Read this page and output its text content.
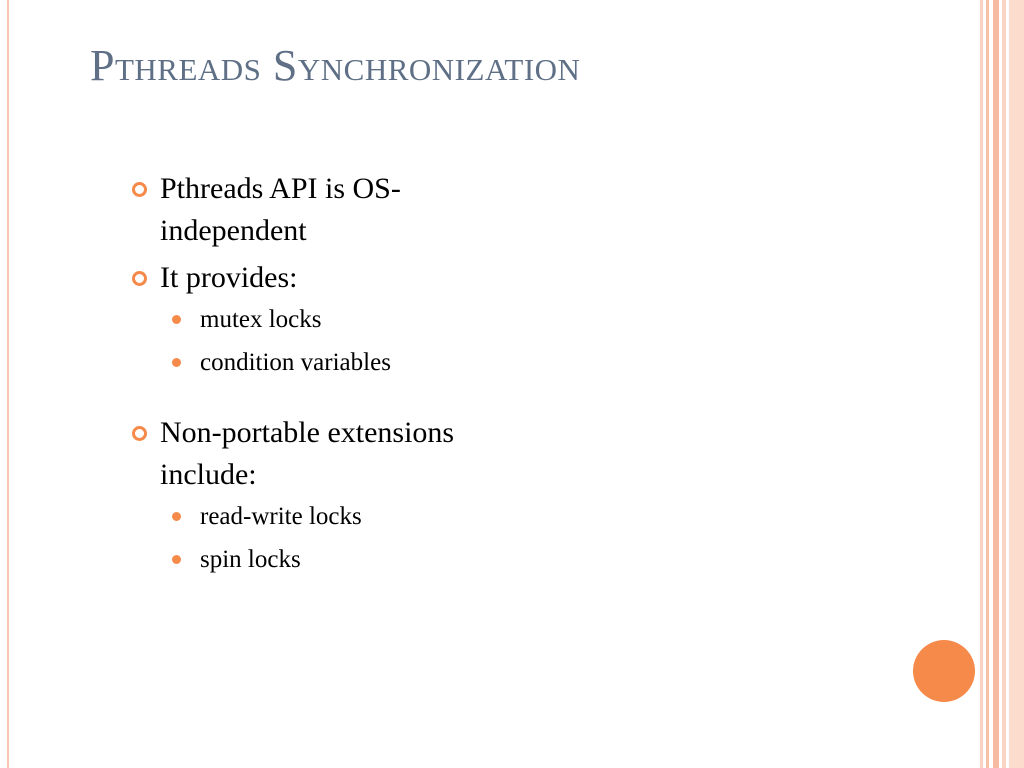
Pthreads Synchronization
Pthreads API is OS-
independent
It provides:
mutex locks
condition variables
Non-portable extensions
include:
read-write locks
spin locks
